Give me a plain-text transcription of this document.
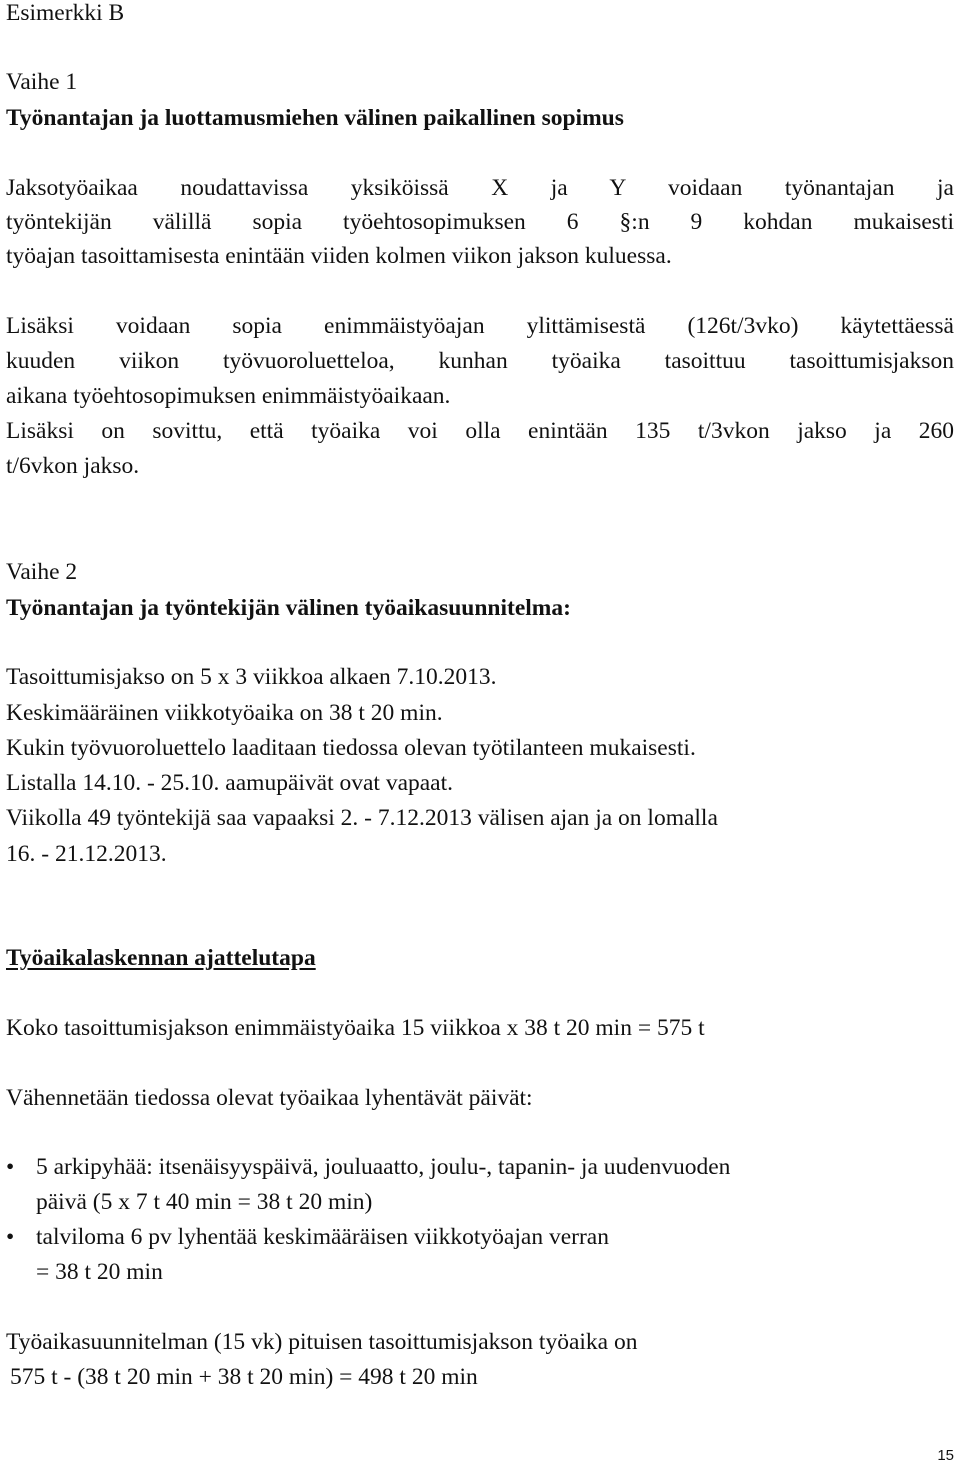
Esimerkki B
Vaihe 1
Työnantajan ja luottamusmiehen välinen paikallinen sopimus
Jaksotyöaikaa noudattavissa yksiköissä X ja Y voidaan työnantajan ja
työntekijän välillä sopia työehtosopimuksen 6 §:n 9 kohdan mukaisesti
työajan tasoittamisesta enintään viiden kolmen viikon jakson kuluessa.
Lisäksi voidaan sopia enimmäistyöajan ylittämisestä (126t/3vko) käytettäessä
kuuden viikon työvuoroluetteloa, kunhan työaika tasoittuu tasoittumisjakson
aikana työehtosopimuksen enimmäistyöaikaan.
Lisäksi on sovittu, että työaika voi olla enintään 135 t/3vkon jakso ja 260
t/6vkon jakso.
Vaihe 2
Työnantajan ja työntekijän välinen työaikasuunnitelma:
Tasoittumisjakso on 5 x 3 viikkoa alkaen 7.10.2013.
Keskimääräinen viikkotyöaika on 38 t 20 min.
Kukin työvuoroluettelo laaditaan tiedossa olevan työtilanteen mukaisesti.
Listalla 14.10. - 25.10. aamupäivät ovat vapaat.
Viikolla 49 työntekijä saa vapaaksi 2. - 7.12.2013 välisen ajan ja on lomalla
16. - 21.12.2013.
Työaikalaskennan ajattelutapa
Koko tasoittumisjakson enimmäistyöaika 15 viikkoa x 38 t 20 min = 575 t
Vähennetään tiedossa olevat työaikaa lyhentävät päivät:
• 5 arkipyhää: itsenäisyyspäivä, jouluaatto, joulu-, tapanin- ja uudenvuoden
päivä (5 x 7 t 40 min = 38 t 20 min)
• talviloma 6 pv lyhentää keskimääräisen viikkotyöajan verran
= 38 t 20 min
Työaikasuunnitelman (15 vk) pituisen tasoittumisjakson työaika on
575 t - (38 t 20 min + 38 t 20 min) = 498 t 20 min
15
